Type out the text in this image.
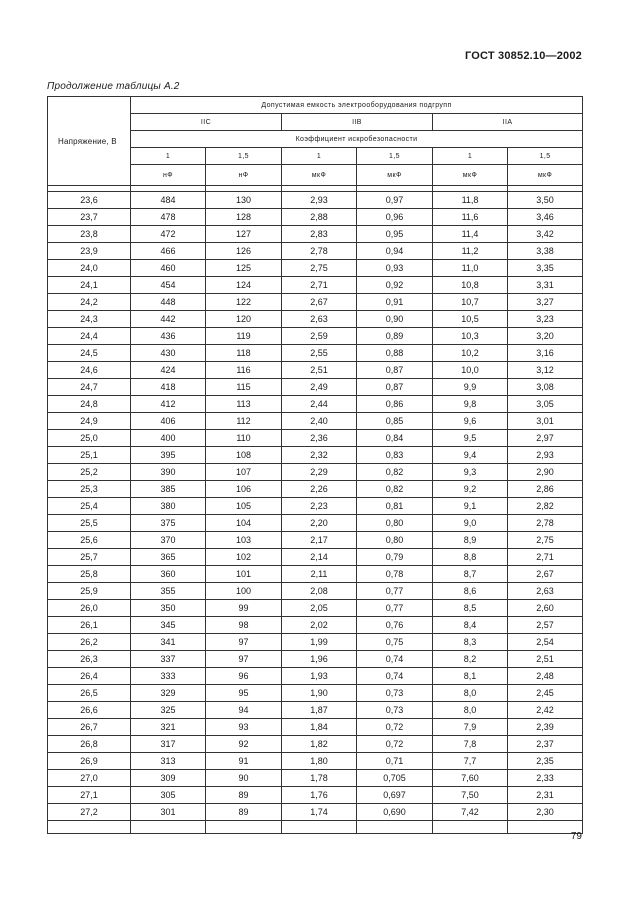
ГОСТ 30852.10—2002
Продолжение таблицы А.2
Напряжение, В	Допустимая емкость электрооборудования подгрупп					
	IIC		IIB		IIA	
	Коэффициент искробезопасности					
	1	1,5	1	1,5	1	1,5
	нФ	нФ	мкФ	мкФ	мкФ	мкФ

23,6	484	130	2,93	0,97	11,8	3,50
23,7	478	128	2,88	0,96	11,6	3,46
23,8	472	127	2,83	0,95	11,4	3,42
23,9	466	126	2,78	0,94	11,2	3,38
24,0	460	125	2,75	0,93	11,0	3,35
24,1	454	124	2,71	0,92	10,8	3,31
24,2	448	122	2,67	0,91	10,7	3,27
24,3	442	120	2,63	0,90	10,5	3,23
24,4	436	119	2,59	0,89	10,3	3,20
24,5	430	118	2,55	0,88	10,2	3,16
24,6	424	116	2,51	0,87	10,0	3,12
24,7	418	115	2,49	0,87	9,9	3,08
24,8	412	113	2,44	0,86	9,8	3,05
24,9	406	112	2,40	0,85	9,6	3,01
25,0	400	110	2,36	0,84	9,5	2,97
25,1	395	108	2,32	0,83	9,4	2,93
25,2	390	107	2,29	0,82	9,3	2,90
25,3	385	106	2,26	0,82	9,2	2,86
25,4	380	105	2,23	0,81	9,1	2,82
25,5	375	104	2,20	0,80	9,0	2,78
25,6	370	103	2,17	0,80	8,9	2,75
25,7	365	102	2,14	0,79	8,8	2,71
25,8	360	101	2,11	0,78	8,7	2,67
25,9	355	100	2,08	0,77	8,6	2,63
26,0	350	99	2,05	0,77	8,5	2,60
26,1	345	98	2,02	0,76	8,4	2,57
26,2	341	97	1,99	0,75	8,3	2,54
26,3	337	97	1,96	0,74	8,2	2,51
26,4	333	96	1,93	0,74	8,1	2,48
26,5	329	95	1,90	0,73	8,0	2,45
26,6	325	94	1,87	0,73	8,0	2,42
26,7	321	93	1,84	0,72	7,9	2,39
26,8	317	92	1,82	0,72	7,8	2,37
26,9	313	91	1,80	0,71	7,7	2,35
27,0	309	90	1,78	0,705	7,60	2,33
27,1	305	89	1,76	0,697	7,50	2,31
27,2	301	89	1,74	0,690	7,42	2,30

79
